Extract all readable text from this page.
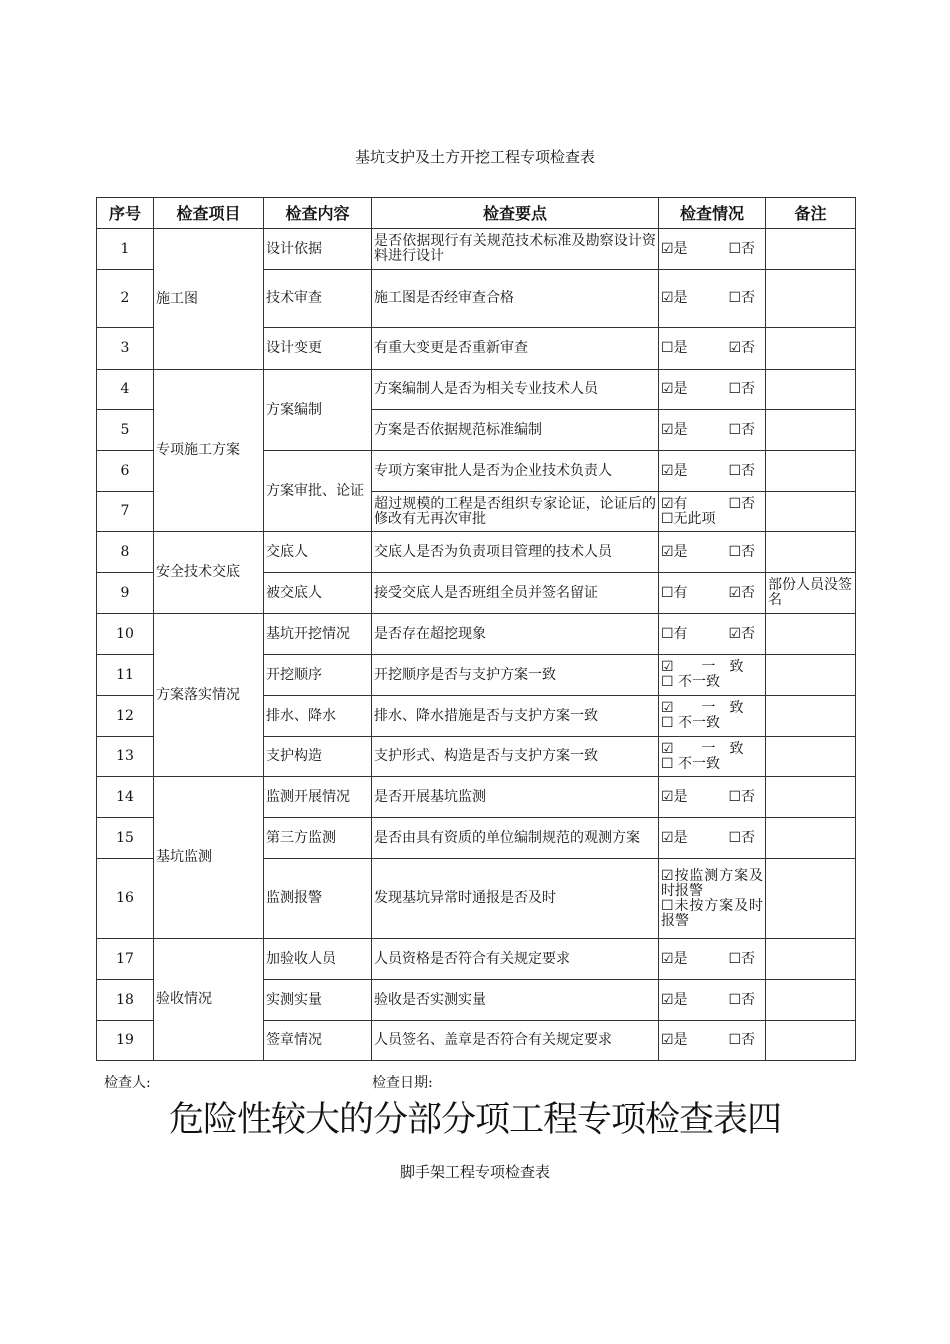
基坑支护及土方开挖工程专项检查表
序号	检查项目	检查内容	检查要点	检查情况	备注
1	施工图	设计依据	是否依据现行有关规范技术标准及勘察设计资料进行设计	☑是 ☐否	

2		技术审查	施工图是否经审查合格	☑是 ☐否	

3		设计变更	有重大变更是否重新审查	☐是 ☑否	

4	专项施工方案	方案编制	方案编制人是否为相关专业技术人员	☑是 ☐否	

5			方案是否依据规范标准编制	☑是 ☐否	

6		方案审批、论证	专项方案审批人是否为企业技术负责人	☑是 ☐否	

7			超过规模的工程是否组织专家论证，论证后的修改有无再次审批	☑有 ☐否
☐无此项	

8	安全技术交底	交底人	交底人是否为负责项目管理的技术人员	☑是 ☐否	

9		被交底人	接受交底人是否班组全员并签名留证	☐有 ☑否	部份人员没签名
10	方案落实情况	基坑开挖情况	是否存在超挖现象	☐有 ☑否	

11		开挖顺序	开挖顺序是否与支护方案一致	☑　　一　致
☐ 不一致	

12		排水、降水	排水、降水措施是否与支护方案一致	☑　　一　致
☐ 不一致	

13		支护构造	支护形式、构造是否与支护方案一致	☑　　一　致
☐ 不一致	

14	基坑监测	监测开展情况	是否开展基坑监测	☑是 ☐否	

15		第三方监测	是否由具有资质的单位编制规范的观测方案	☑是 ☐否	

16		监测报警	发现基坑异常时通报是否及时	☑按监测方案及时报警
☐未按方案及时报警	

17	验收情况	加验收人员	人员资格是否符合有关规定要求	☑是 ☐否	

18		实测实量	验收是否实测实量	☑是 ☐否	

19		签章情况	人员签名、盖章是否符合有关规定要求	☑是 ☐否	

检查人:	检查日期:
危险性较大的分部分项工程专项检查表四
脚手架工程专项检查表
